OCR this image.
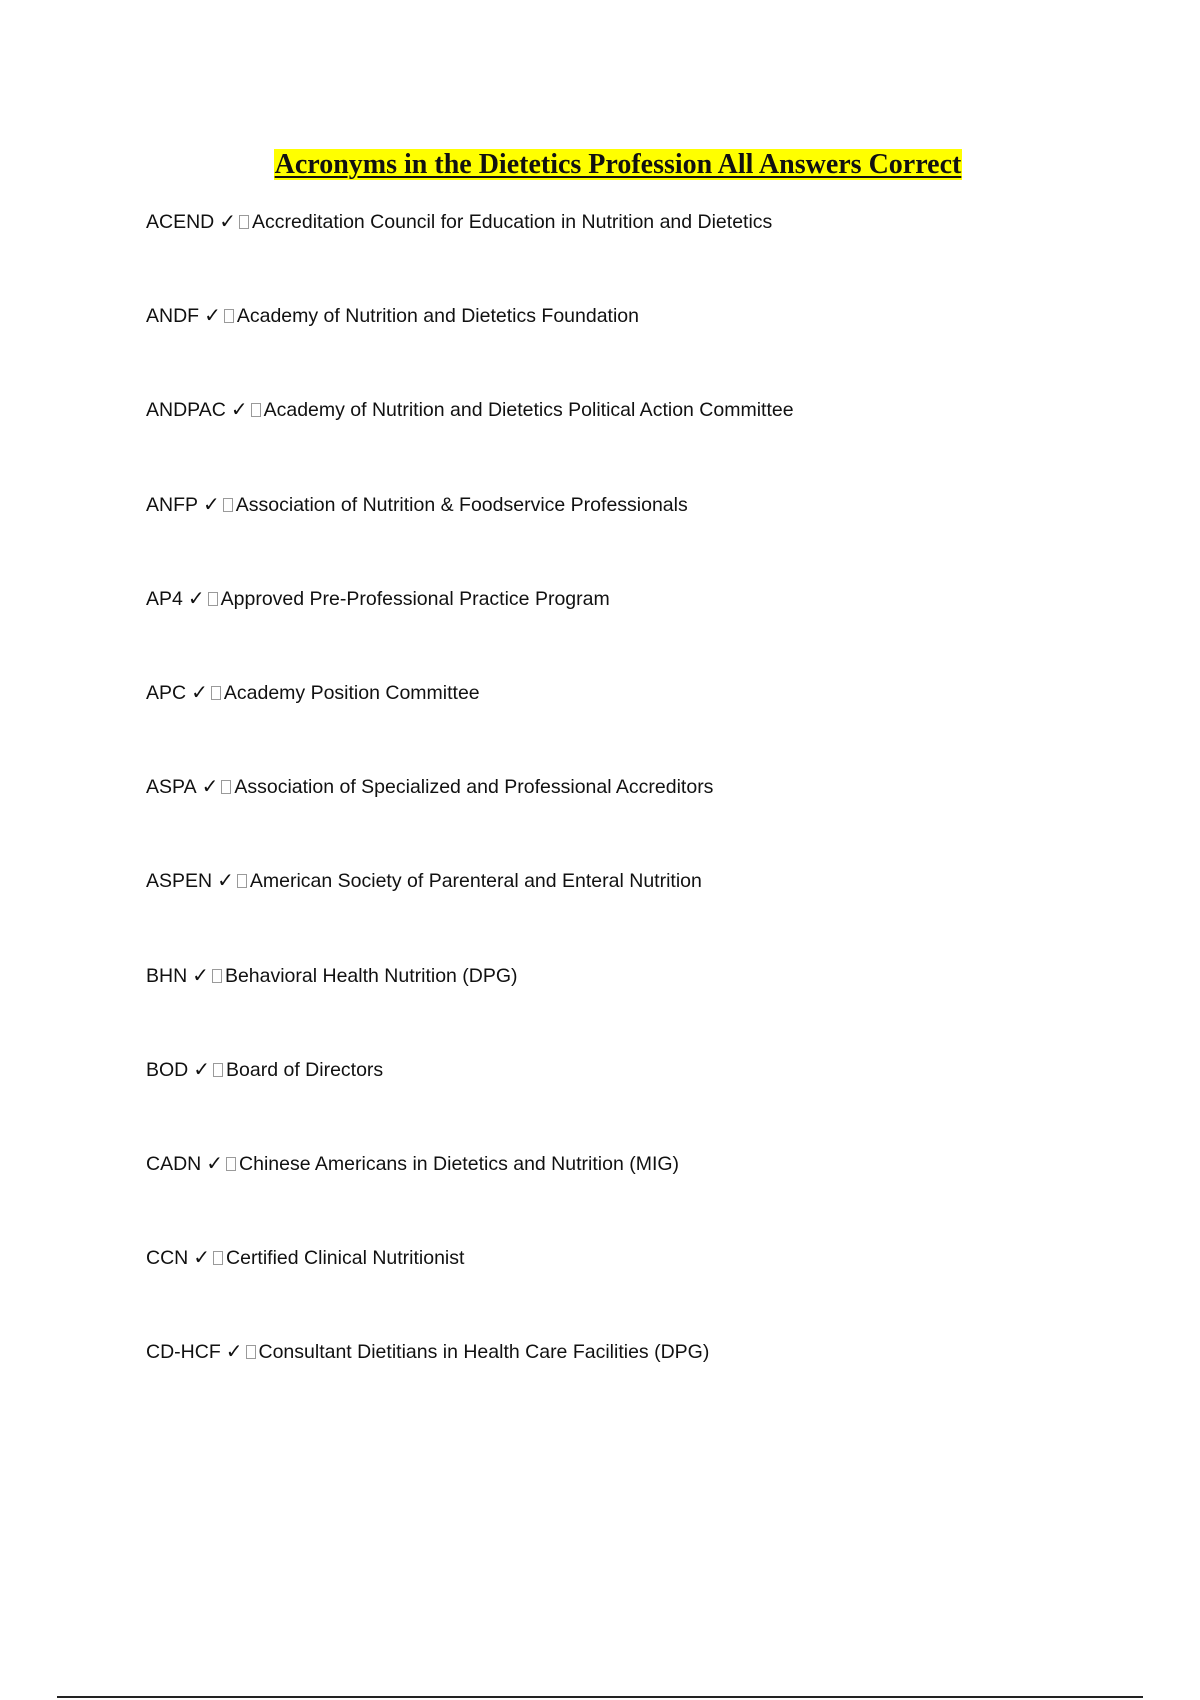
Acronyms in the Dietetics Profession All Answers Correct
ACEND ✓ Accreditation Council for Education in Nutrition and Dietetics
ANDF ✓ Academy of Nutrition and Dietetics Foundation
ANDPAC ✓ Academy of Nutrition and Dietetics Political Action Committee
ANFP ✓ Association of Nutrition & Foodservice Professionals
AP4 ✓ Approved Pre-Professional Practice Program
APC ✓ Academy Position Committee
ASPA ✓ Association of Specialized and Professional Accreditors
ASPEN ✓ American Society of Parenteral and Enteral Nutrition
BHN ✓ Behavioral Health Nutrition (DPG)
BOD ✓ Board of Directors
CADN ✓ Chinese Americans in Dietetics and Nutrition (MIG)
CCN ✓ Certified Clinical Nutritionist
CD-HCF ✓ Consultant Dietitians in Health Care Facilities (DPG)
